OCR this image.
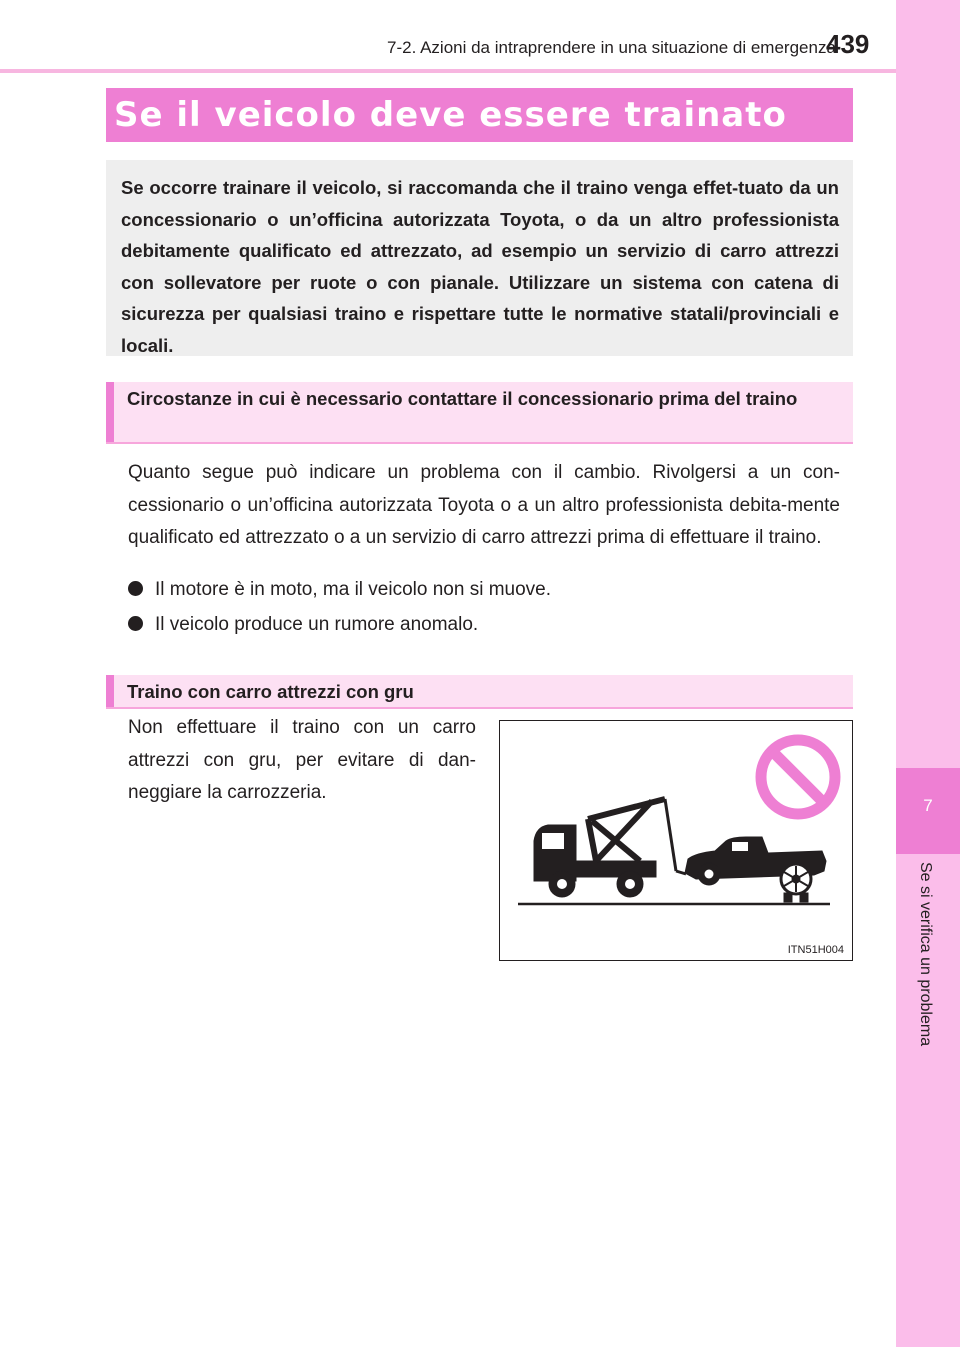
7-2. Azioni da intraprendere in una situazione di emergenza
439
7
Se si verifica un problema
Se il veicolo deve essere trainato
Se occorre trainare il veicolo, si raccomanda che il traino venga effet-tuato da un concessionario o un’officina autorizzata Toyota, o da un altro professionista debitamente qualificato ed attrezzato, ad esempio un servizio di carro attrezzi con sollevatore per ruote o con pianale. Utilizzare un sistema con catena di sicurezza per qualsiasi traino e rispettare tutte le normative statali/provinciali e locali.
Circostanze in cui è necessario contattare il concessionario prima del traino
Quanto segue può indicare un problema con il cambio. Rivolgersi a un con-cessionario o un’officina autorizzata Toyota o a un altro professionista debita-mente qualificato ed attrezzato o a un servizio di carro attrezzi prima di effettuare il traino.
Il motore è in moto, ma il veicolo non si muove.
Il veicolo produce un rumore anomalo.
Traino con carro attrezzi con gru
Non effettuare il traino con un carro attrezzi con gru, per evitare di dan-neggiare la carrozzeria.
ITN51H004
